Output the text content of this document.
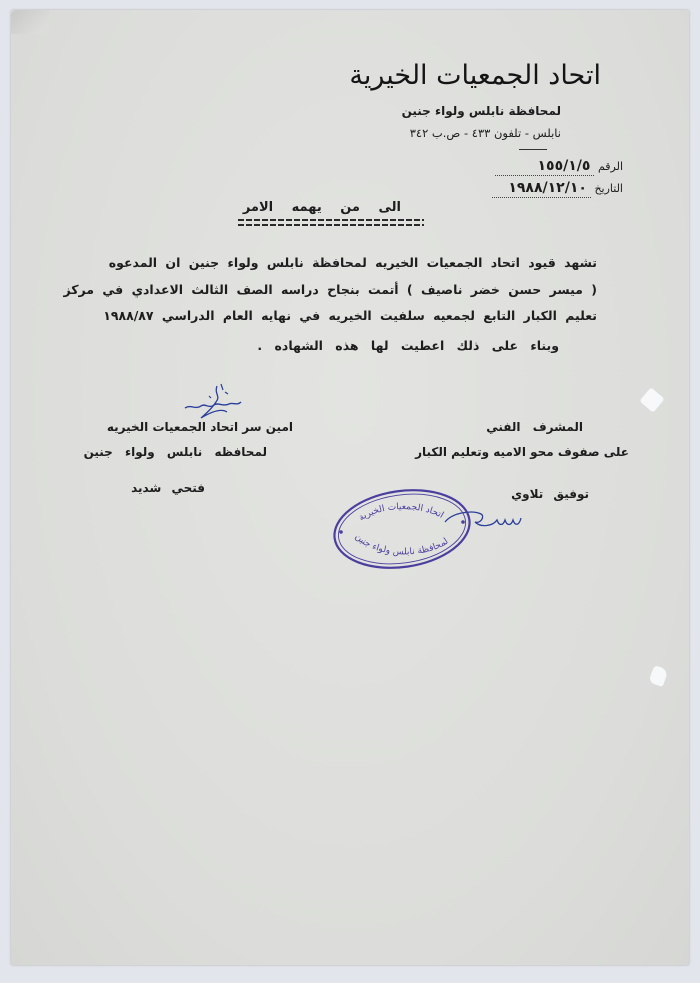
اتحاد الجمعيات الخيرية
لمحافظة نابلس ولواء جنين
نابلس - تلفون ٤٣٣ - ص.ب ٣٤٢
الرقم ١٥٥/١/٥
التاريخ ١٩٨٨/١٢/١٠
الى من يهمه الامر
تشهد قيود اتحاد الجمعيات الخيريه لمحافظة نابلس ولواء جنين ان المدعوه
( ميسر حسن خضر ناصيف ) أتمت بنجاح دراسه الصف الثالث الاعدادي في مركز
تعليم الكبار التابع لجمعيه سلفيت الخيريه في نهايه العام الدراسي ١٩٨٨/٨٧
وبناء على ذلك اعطيت لها هذه الشهاده .
امين سر اتحاد الجمعيات الخيريه
لمحافظه نابلس ولواء جنين
فتحي شديد
المشرف الفني
على صفوف محو الاميه وتعليم الكبار
توفيق تلاوي
اتحاد الجمعيات الخيرية
لمحافظة نابلس ولواء جنين
